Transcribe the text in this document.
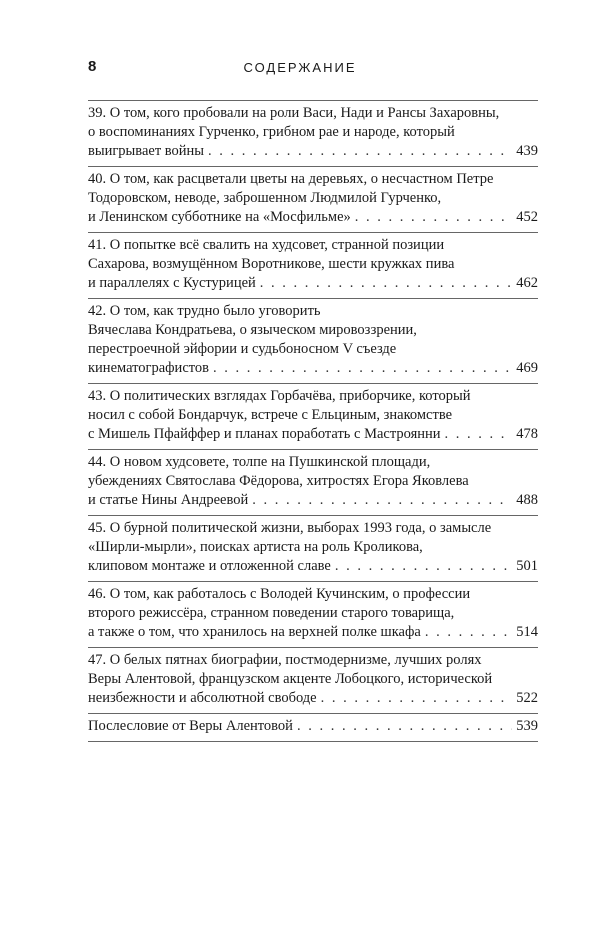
8	СОДЕРЖАНИЕ
39. О том, кого пробовали на роли Васи, Нади и Рансы Захаровны,
о воспоминаниях Гурченко, грибном рае и народе, который
выигрывает войны . . .	439
40. О том, как расцветали цветы на деревьях, о несчастном Петре
Тодоровском, неводе, заброшенном Людмилой Гурченко,
и Ленинском субботнике на «Мосфильме» . . .	452
41. О попытке всё свалить на худсовет, странной позиции
Сахарова, возмущённом Воротникове, шести кружках пива
и параллелях с Кустурицей . . .	462
42. О том, как трудно было уговорить
Вячеслава Кондратьева, о языческом мировоззрении,
перестроечной эйфории и судьбоносном V съезде
кинематографистов . . .	469
43. О политических взглядах Горбачёва, приборчике, который
носил с собой Бондарчук, встрече с Ельциным, знакомстве
с Мишель Пфайффер и планах поработать с Мастроянни . . .	478
44. О новом худсовете, толпе на Пушкинской площади,
убеждениях Святослава Фёдорова, хитростях Егора Яковлева
и статье Нины Андреевой . . .	488
45. О бурной политической жизни, выборах 1993 года, о замысле
«Ширли-мырли», поисках артиста на роль Кроликова,
клиповом монтаже и отложенной славе . . .	501
46. О том, как работалось с Володей Кучинским, о профессии
второго режиссёра, странном поведении старого товарища,
а также о том, что хранилось на верхней полке шкафа . . .	514
47. О белых пятнах биографии, постмодернизме, лучших ролях
Веры Алентовой, французском акценте Лобоцкого, исторической
неизбежности и абсолютной свободе . . .	522
Послесловие от Веры Алентовой . . .	539
